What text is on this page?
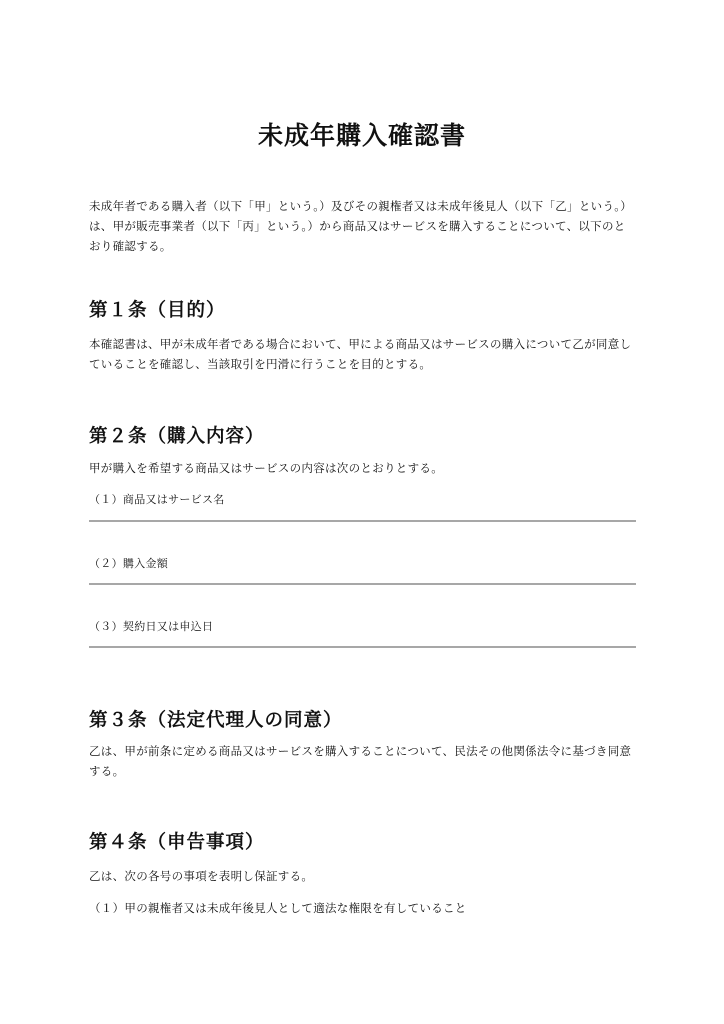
未成年購入確認書

未成年者である購入者（以下「甲」という。）及びその親権者又は未成年後見人（以下「乙」という。）は、甲が販売事業者（以下「丙」という。）から商品又はサービスを購入することについて、以下のとおり確認する。

第１条（目的）

本確認書は、甲が未成年者である場合において、甲による商品又はサービスの購入について乙が同意していることを確認し、当該取引を円滑に行うことを目的とする。

第２条（購入内容）

甲が購入を希望する商品又はサービスの内容は次のとおりとする。

（１）商品又はサービス名

（２）購入金額

（３）契約日又は申込日

第３条（法定代理人の同意）

乙は、甲が前条に定める商品又はサービスを購入することについて、民法その他関係法令に基づき同意する。

第４条（申告事項）

乙は、次の各号の事項を表明し保証する。

（１）甲の親権者又は未成年後見人として適法な権限を有していること
